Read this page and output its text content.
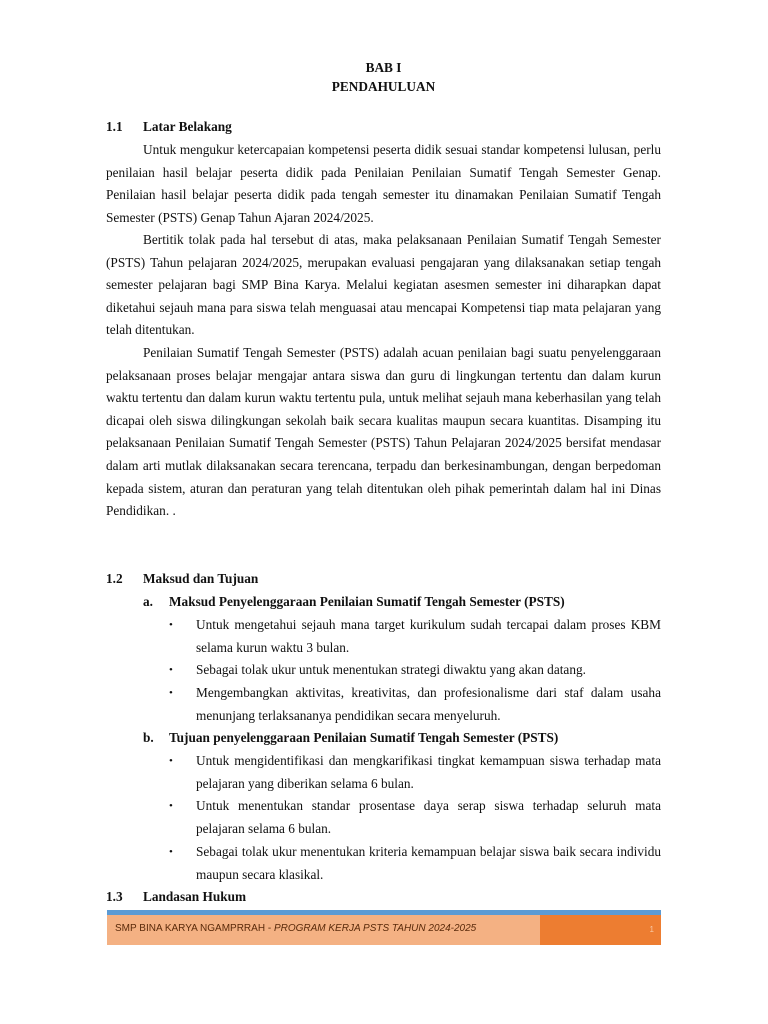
BAB I
PENDAHULUAN
1.1 Latar Belakang

Untuk mengukur ketercapaian kompetensi peserta didik sesuai standar kompetensi lulusan, perlu penilaian hasil belajar peserta didik pada Penilaian Penilaian Sumatif Tengah Semester Genap. Penilaian hasil belajar peserta didik pada tengah semester itu dinamakan Penilaian Sumatif Tengah Semester (PSTS) Genap Tahun Ajaran 2024/2025.

Bertitik tolak pada hal tersebut di atas, maka pelaksanaan Penilaian Sumatif Tengah Semester (PSTS) Tahun pelajaran 2024/2025, merupakan evaluasi pengajaran yang dilaksanakan setiap tengah semester pelajaran bagi SMP Bina Karya. Melalui kegiatan asesmen semester ini diharapkan dapat diketahui sejauh mana para siswa telah menguasai atau mencapai Kompetensi tiap mata pelajaran yang telah ditentukan.

Penilaian Sumatif Tengah Semester (PSTS) adalah acuan penilaian bagi suatu penyelenggaraan pelaksanaan proses belajar mengajar antara siswa dan guru di lingkungan tertentu dan dalam kurun waktu tertentu dan dalam kurun waktu tertentu pula, untuk melihat sejauh mana keberhasilan yang telah dicapai oleh siswa dilingkungan sekolah baik secara kualitas maupun secara kuantitas. Disamping itu pelaksanaan Penilaian Sumatif Tengah Semester (PSTS) Tahun Pelajaran 2024/2025 bersifat mendasar dalam arti mutlak dilaksanakan secara terencana, terpadu dan berkesinambungan, dengan berpedoman kepada sistem, aturan dan peraturan yang telah ditentukan oleh pihak pemerintah dalam hal ini Dinas Pendidikan. .

1.2 Maksud dan Tujuan
a. Maksud Penyelenggaraan Penilaian Sumatif Tengah Semester (PSTS)
•	Untuk mengetahui sejauh mana target kurikulum sudah tercapai dalam proses KBM selama kurun waktu 3 bulan.
•	Sebagai tolak ukur untuk menentukan strategi diwaktu yang akan datang.
•	Mengembangkan aktivitas, kreativitas, dan profesionalisme dari staf dalam usaha menunjang terlaksananya pendidikan secara menyeluruh.
b. Tujuan penyelenggaraan Penilaian Sumatif Tengah Semester (PSTS)
•	Untuk mengidentifikasi dan mengkarifikasi tingkat kemampuan siswa terhadap mata pelajaran yang diberikan selama 6 bulan.
•	Untuk menentukan standar prosentase daya serap siswa terhadap seluruh mata pelajaran selama 6 bulan.
•	Sebagai tolak ukur menentukan kriteria kemampuan belajar siswa baik secara individu maupun secara klasikal.
1.3 Landasan Hukum
SMP BINA KARYA NGAMPRRAH - PROGRAM KERJA PSTS TAHUN 2024-2025	1
